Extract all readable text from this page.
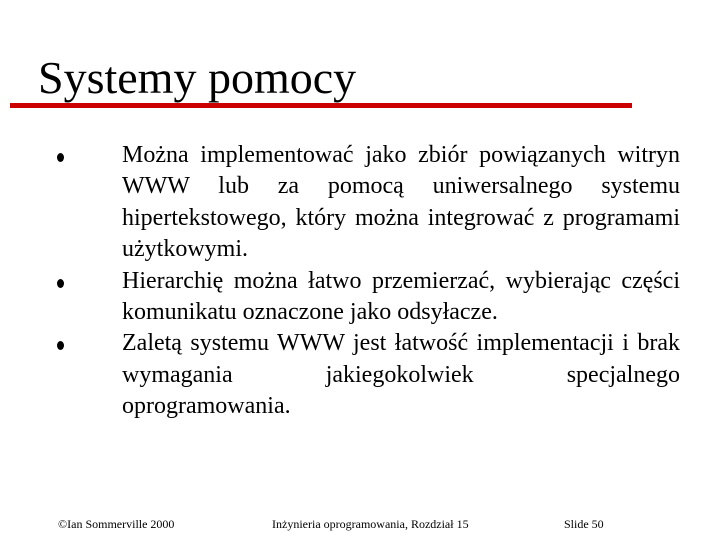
Systemy pomocy
Można implementować jako zbiór powiązanych witryn WWW lub za pomocą uniwersalnego systemu hipertekstowego, który można integrować z programami użytkowymi.
Hierarchię można łatwo przemierzać, wybierając części komunikatu oznaczone jako odsyłacze.
Zaletą systemu WWW jest łatwość implementacji i brak wymagania jakiegokolwiek specjalnego oprogramowania.
©Ian Sommerville 2000	Inżynieria oprogramowania, Rozdział 15	Slide 50
